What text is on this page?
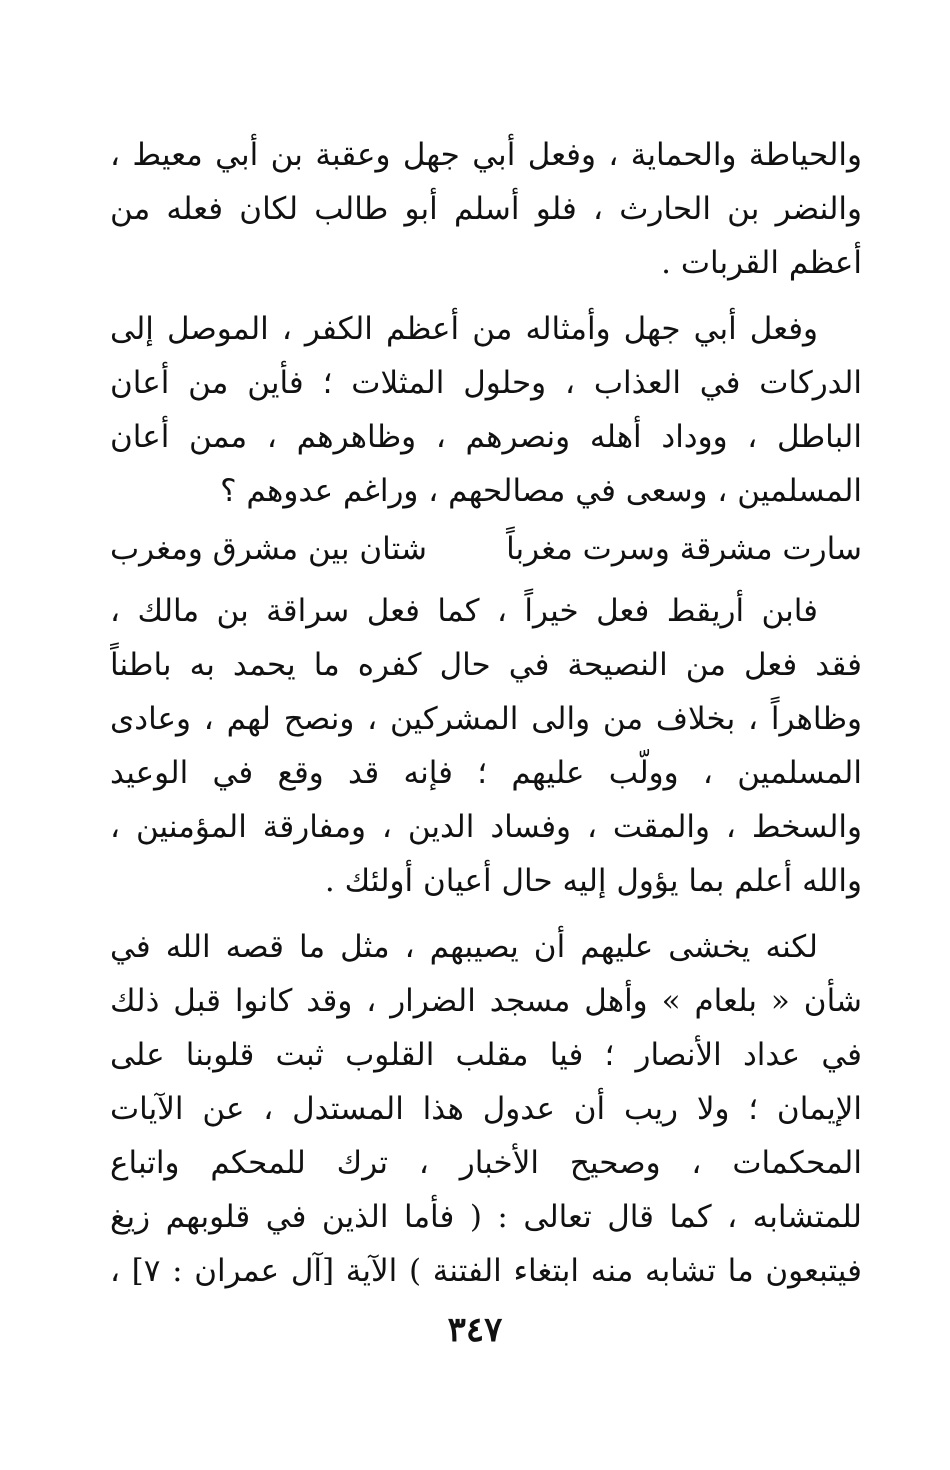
والحياطة والحماية ، وفعل أبي جهل وعقبة بن أبي معيط ،
والنضر بن الحارث ، فلو أسلم أبو طالب لكان فعله من
أعظم القربات .
وفعل أبي جهل وأمثاله من أعظم الكفر ، الموصل إلى
الدركات في العذاب ، وحلول المثلات ؛ فأين من أعان
الباطل ، ووداد أهله ونصرهم ، وظاهرهم ، ممن أعان
المسلمين ، وسعى في مصالحهم ، وراغم عدوهم ؟
سارت مشرقة وسرت مغرباً
شتان بين مشرق ومغرب
فابن أريقط فعل خيراً ، كما فعل سراقة بن مالك ،
فقد فعل من النصيحة في حال كفره ما يحمد به باطناً
وظاهراً ، بخلاف من والى المشركين ، ونصح لهم ، وعادى
المسلمين ، وولّب عليهم ؛ فإنه قد وقع في الوعيد
والسخط ، والمقت ، وفساد الدين ، ومفارقة المؤمنين ،
والله أعلم بما يؤول إليه حال أعيان أولئك .
لكنه يخشى عليهم أن يصيبهم ، مثل ما قصه الله في
شأن « بلعام » وأهل مسجد الضرار ، وقد كانوا قبل ذلك
في عداد الأنصار ؛ فيا مقلب القلوب ثبت قلوبنا على
الإيمان ؛ ولا ريب أن عدول هذا المستدل ، عن الآيات
المحكمات ، وصحيح الأخبار ، ترك للمحكم واتباع
للمتشابه ، كما قال تعالى : ( فأما الذين في قلوبهم زيغ
فيتبعون ما تشابه منه ابتغاء الفتنة ) الآية [آل عمران : ٧] ،
٣٤٧
